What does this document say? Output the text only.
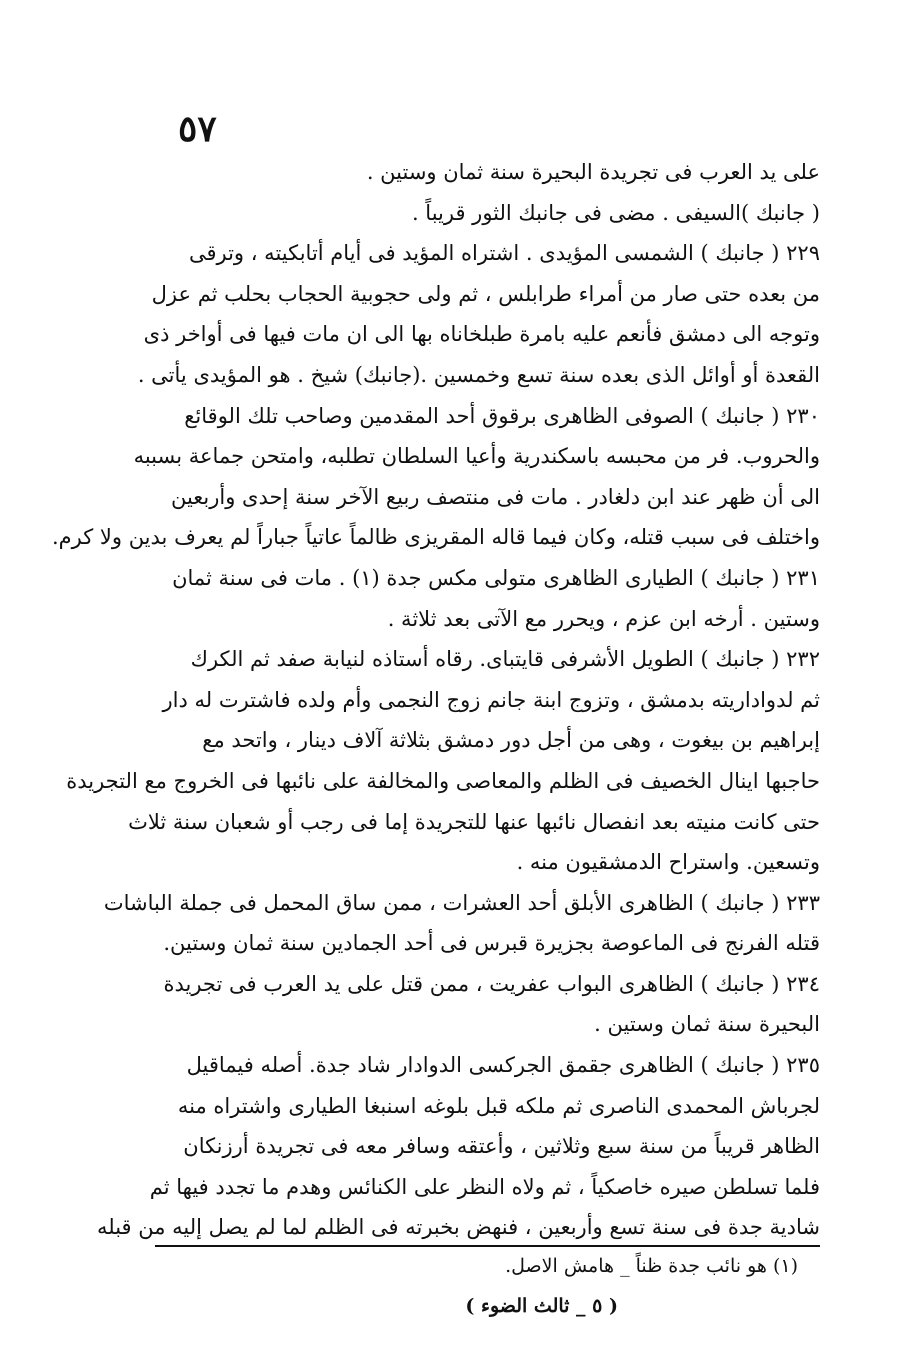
٥٧
على يد العرب فى تجريدة البحيرة سنة ثمان وستين .
( جانبك )السيفى . مضى فى جانبك الثور قريباً .
٢٢٩ ( جانبك ) الشمسى المؤيدى . اشتراه المؤيد فى أيام أتابكيته ، وترقى
من بعده حتى صار من أمراء طرابلس ، ثم ولى حجوبية الحجاب بحلب ثم عزل
وتوجه الى دمشق فأنعم عليه بامرة طبلخاناه بها الى ان مات فيها فى أواخر ذى
القعدة أو أوائل الذى بعده سنة تسع وخمسين .(جانبك) شيخ . هو المؤيدى يأتى .
٢٣٠ ( جانبك ) الصوفى الظاهرى برقوق أحد المقدمين وصاحب تلك الوقائع
والحروب. فر من محبسه باسكندرية وأعيا السلطان تطلبه، وامتحن جماعة بسببه
الى أن ظهر عند ابن دلغادر . مات فى منتصف ربيع الآخر سنة إحدى وأربعين
واختلف فى سبب قتله، وكان فيما قاله المقريزى ظالماً عاتياً جباراً لم يعرف بدين ولا كرم.
٢٣١ ( جانبك ) الطيارى الظاهرى متولى مكس جدة (١) . مات فى سنة ثمان
وستين . أرخه ابن عزم ، ويحرر مع الآتى بعد ثلاثة .
٢٣٢ ( جانبك ) الطويل الأشرفى قايتباى. رقاه أستاذه لنيابة صفد ثم الكرك
ثم لدواداريته بدمشق ، وتزوج ابنة جانم زوج النجمى وأم ولده فاشترت له دار
إبراهيم بن بيغوت ، وهى من أجل دور دمشق بثلاثة آلاف دينار ، واتحد مع
حاجبها اينال الخصيف فى الظلم والمعاصى والمخالفة على نائبها فى الخروج مع التجريدة
حتى كانت منيته بعد انفصال نائبها عنها للتجريدة إما فى رجب أو شعبان سنة ثلاث
وتسعين. واستراح الدمشقيون منه .
٢٣٣ ( جانبك ) الظاهرى الأبلق أحد العشرات ، ممن ساق المحمل فى جملة الباشات
قتله الفرنج فى الماعوصة بجزيرة قبرس فى أحد الجمادين سنة ثمان وستين.
٢٣٤ ( جانبك ) الظاهرى البواب عفريت ، ممن قتل على يد العرب فى تجريدة
البحيرة سنة ثمان وستين .
٢٣٥ ( جانبك ) الظاهرى جقمق الجركسى الدوادار شاد جدة. أصله فيماقيل
لجرباش المحمدى الناصرى ثم ملكه قبل بلوغه اسنبغا الطيارى واشتراه منه
الظاهر قريباً من سنة سبع وثلاثين ، وأعتقه وسافر معه فى تجريدة أرزنكان
فلما تسلطن صيره خاصكياً ، ثم ولاه النظر على الكنائس وهدم ما تجدد فيها ثم
شادية جدة فى سنة تسع وأربعين ، فنهض بخبرته فى الظلم لما لم يصل إليه من قبله
(١) هو نائب جدة ظناً _ هامش الاصل.
( ٥ _ ثالث الضوء )
